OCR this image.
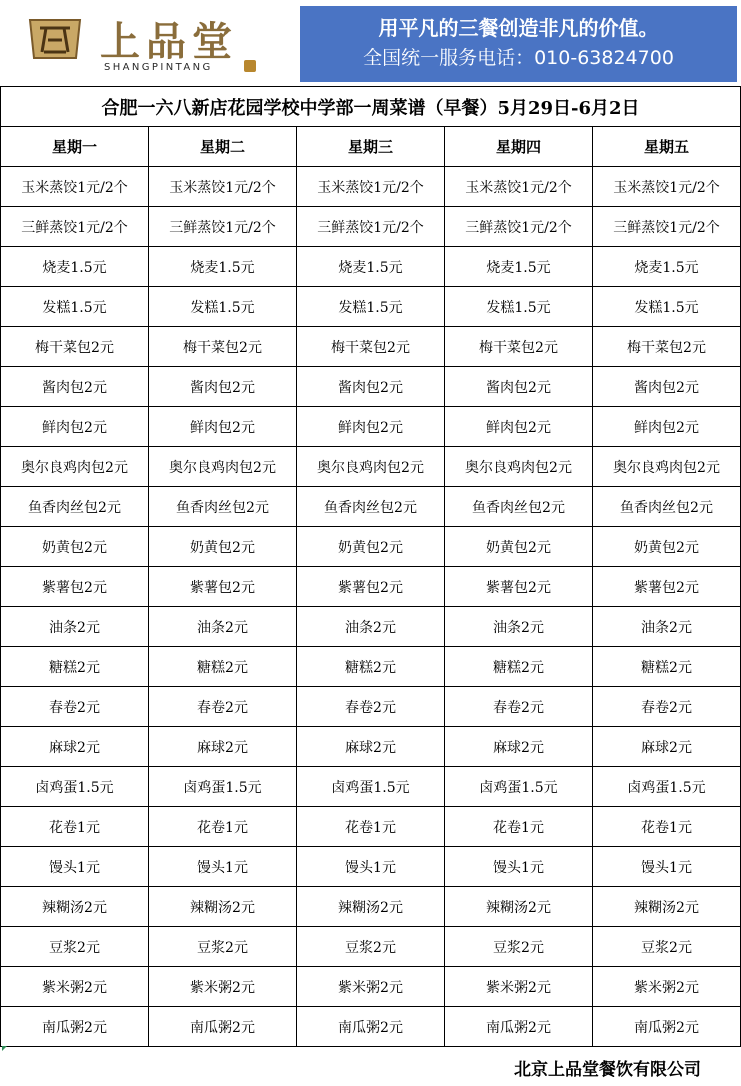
上品堂
SHANGPINTANG
用平凡的三餐创造非凡的价值。
全国统一服务电话：010-63824700
合肥一六八新店花园学校中学部一周菜谱（早餐）5月29日-6月2日				
星期一	星期二	星期三	星期四	星期五
玉米蒸饺1元/2个	玉米蒸饺1元/2个	玉米蒸饺1元/2个	玉米蒸饺1元/2个	玉米蒸饺1元/2个
三鲜蒸饺1元/2个	三鲜蒸饺1元/2个	三鲜蒸饺1元/2个	三鲜蒸饺1元/2个	三鲜蒸饺1元/2个
烧麦1.5元	烧麦1.5元	烧麦1.5元	烧麦1.5元	烧麦1.5元
发糕1.5元	发糕1.5元	发糕1.5元	发糕1.5元	发糕1.5元
梅干菜包2元	梅干菜包2元	梅干菜包2元	梅干菜包2元	梅干菜包2元
酱肉包2元	酱肉包2元	酱肉包2元	酱肉包2元	酱肉包2元
鲜肉包2元	鲜肉包2元	鲜肉包2元	鲜肉包2元	鲜肉包2元
奥尔良鸡肉包2元	奥尔良鸡肉包2元	奥尔良鸡肉包2元	奥尔良鸡肉包2元	奥尔良鸡肉包2元
鱼香肉丝包2元	鱼香肉丝包2元	鱼香肉丝包2元	鱼香肉丝包2元	鱼香肉丝包2元
奶黄包2元	奶黄包2元	奶黄包2元	奶黄包2元	奶黄包2元
紫薯包2元	紫薯包2元	紫薯包2元	紫薯包2元	紫薯包2元
油条2元	油条2元	油条2元	油条2元	油条2元
糖糕2元	糖糕2元	糖糕2元	糖糕2元	糖糕2元
春卷2元	春卷2元	春卷2元	春卷2元	春卷2元
麻球2元	麻球2元	麻球2元	麻球2元	麻球2元
卤鸡蛋1.5元	卤鸡蛋1.5元	卤鸡蛋1.5元	卤鸡蛋1.5元	卤鸡蛋1.5元
花卷1元	花卷1元	花卷1元	花卷1元	花卷1元
馒头1元	馒头1元	馒头1元	馒头1元	馒头1元
辣糊汤2元	辣糊汤2元	辣糊汤2元	辣糊汤2元	辣糊汤2元
豆浆2元	豆浆2元	豆浆2元	豆浆2元	豆浆2元
紫米粥2元	紫米粥2元	紫米粥2元	紫米粥2元	紫米粥2元
南瓜粥2元	南瓜粥2元	南瓜粥2元	南瓜粥2元	南瓜粥2元
北京上品堂餐饮有限公司
